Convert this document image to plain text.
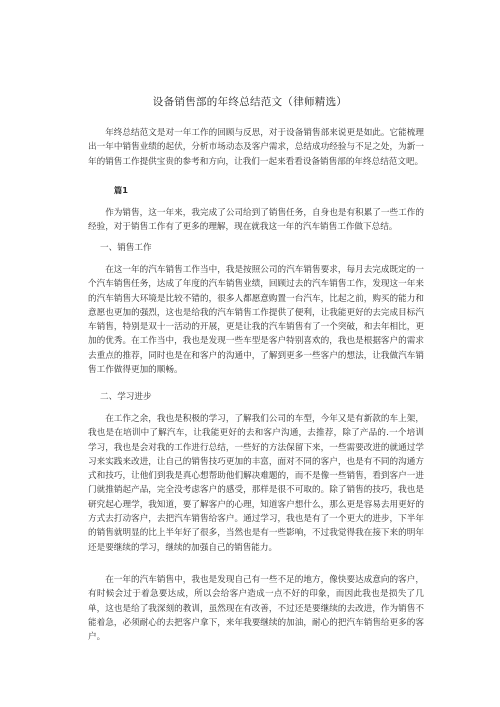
设备销售部的年终总结范文（律师精选）

年终总结范文是对一年工作的回顾与反思，对于设备销售部来说更是如此。它能梳理出一年中销售业绩的起伏，分析市场动态及客户需求，总结成功经验与不足之处，为新一年的销售工作提供宝贵的参考和方向，让我们一起来看看设备销售部的年终总结范文吧。

篇1

作为销售，这一年来，我完成了公司给到了销售任务，自身也是有积累了一些工作的经验，对于销售工作有了更多的理解，现在就我这一年的汽车销售工作做下总结。

一、销售工作

在这一年的汽车销售工作当中，我是按照公司的汽车销售要求，每月去完成既定的一个汽车销售任务，达成了年度的汽车销售业绩，回顾过去的汽车销售工作，发现这一年来的汽车销售大环境是比较不错的，很多人都愿意购置一台汽车，比起之前，购买的能力和意愿也更加的强烈，这也是给我的汽车销售工作提供了便利，让我能更好的去完成目标汽车销售，特别是双十一活动的开展，更是让我的汽车销售有了一个突破，和去年相比，更加的优秀。在工作当中，我也是发现一些车型是客户特别喜欢的，我也是根据客户的需求去重点的推荐，同时也是在和客户的沟通中，了解到更多一些客户的想法，让我做汽车销售工作做得更加的顺畅。

二、学习进步

在工作之余，我也是积极的学习，了解我们公司的车型，今年又是有新款的车上架，我也是在培训中了解汽车，让我能更好的去和客户沟通，去推荐，除了产品的.一个培训学习，我也是会对我的工作进行总结，一些好的方法保留下来，一些需要改进的就通过学习来实践来改进，让自己的销售技巧更加的丰富，面对不同的客户，也是有不同的沟通方式和技巧，让他们到我是真心想帮助他们解决难题的，而不是像一些销售，看到客户一进门就推销起产品，完全没考虑客户的感受，那样是很不可取的。除了销售的技巧，我也是研究起心理学，我知道，要了解客户的心理，知道客户想什么，那么更是容易去用更好的方式去打动客户，去把汽车销售给客户。通过学习，我也是有了一个更大的进步，下半年的销售就明显的比上半年好了很多，当然也是有一些影响，不过我觉得我在接下来的明年还是要继续的学习，继续的加强自己的销售能力。

在一年的汽车销售中，我也是发现自己有一些不足的地方，像快要达成意向的客户，有时候会过于着急要达成，所以会给客户造成一点不好的印象，而因此我也是损失了几单，这也是给了我深刻的教训，虽然现在有改善，不过还是要继续的去改进，作为销售不能着急，必须耐心的去把客户拿下，来年我要继续的加油，耐心的把汽车销售给更多的客户。
